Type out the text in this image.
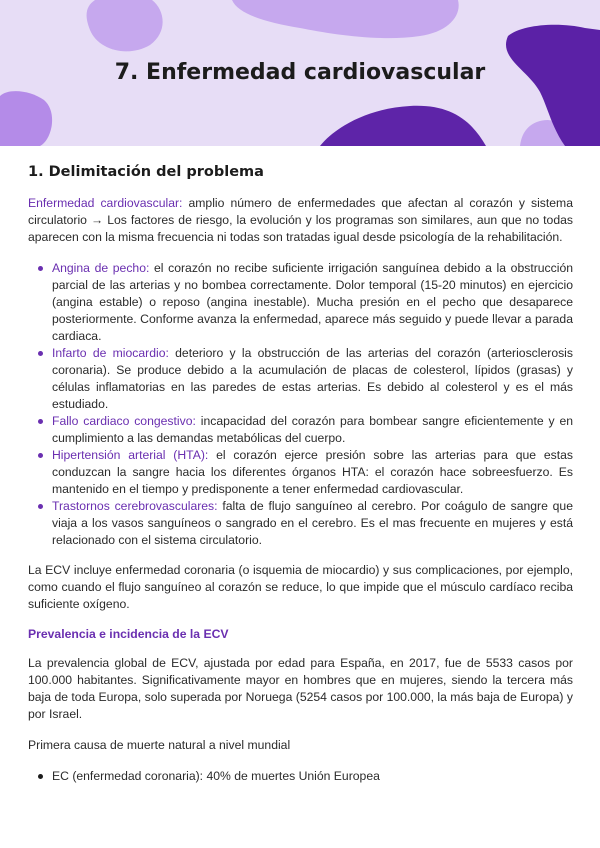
7. Enfermedad cardiovascular
1. Delimitación del problema

Enfermedad cardiovascular: amplio número de enfermedades que afectan al corazón y sistema circulatorio → Los factores de riesgo, la evolución y los programas son similares, aun que no todas aparecen con la misma frecuencia ni todas son tratadas igual desde psicología de la rehabilitación.

Angina de pecho: el corazón no recibe suficiente irrigación sanguínea debido a la obstrucción parcial de las arterias y no bombea correctamente. Dolor temporal (15-20 minutos) en ejercicio (angina estable) o reposo (angina inestable). Mucha presión en el pecho que desaparece posteriormente. Conforme avanza la enfermedad, aparece más seguido y puede llevar a parada cardiaca.
Infarto de miocardio: deterioro y la obstrucción de las arterias del corazón (arteriosclerosis coronaria). Se produce debido a la acumulación de placas de colesterol, lípidos (grasas) y células inflamatorias en las paredes de estas arterias. Es debido al colesterol y es el más estudiado.
Fallo cardiaco congestivo: incapacidad del corazón para bombear sangre eficientemente y en cumplimiento a las demandas metabólicas del cuerpo.
Hipertensión arterial (HTA): el corazón ejerce presión sobre las arterias para que estas conduzcan la sangre hacia los diferentes órganos HTA: el corazón hace sobreesfuerzo. Es mantenido en el tiempo y predisponente a tener enfermedad cardiovascular.
Trastornos cerebrovasculares: falta de flujo sanguíneo al cerebro. Por coágulo de sangre que viaja a los vasos sanguíneos o sangrado en el cerebro. Es el mas frecuente en mujeres y está relacionado con el sistema circulatorio.

La ECV incluye enfermedad coronaria (o isquemia de miocardio) y sus complicaciones, por ejemplo, como cuando el flujo sanguíneo al corazón se reduce, lo que impide que el músculo cardíaco reciba suficiente oxígeno.

Prevalencia e incidencia de la ECV

La prevalencia global de ECV, ajustada por edad para España, en 2017, fue de 5533 casos por 100.000 habitantes. Significativamente mayor en hombres que en mujeres, siendo la tercera más baja de toda Europa, solo superada por Noruega (5254 casos por 100.000, la más baja de Europa) y por Israel.

Primera causa de muerte natural a nivel mundial

EC (enfermedad coronaria): 40% de muertes Unión Europea
